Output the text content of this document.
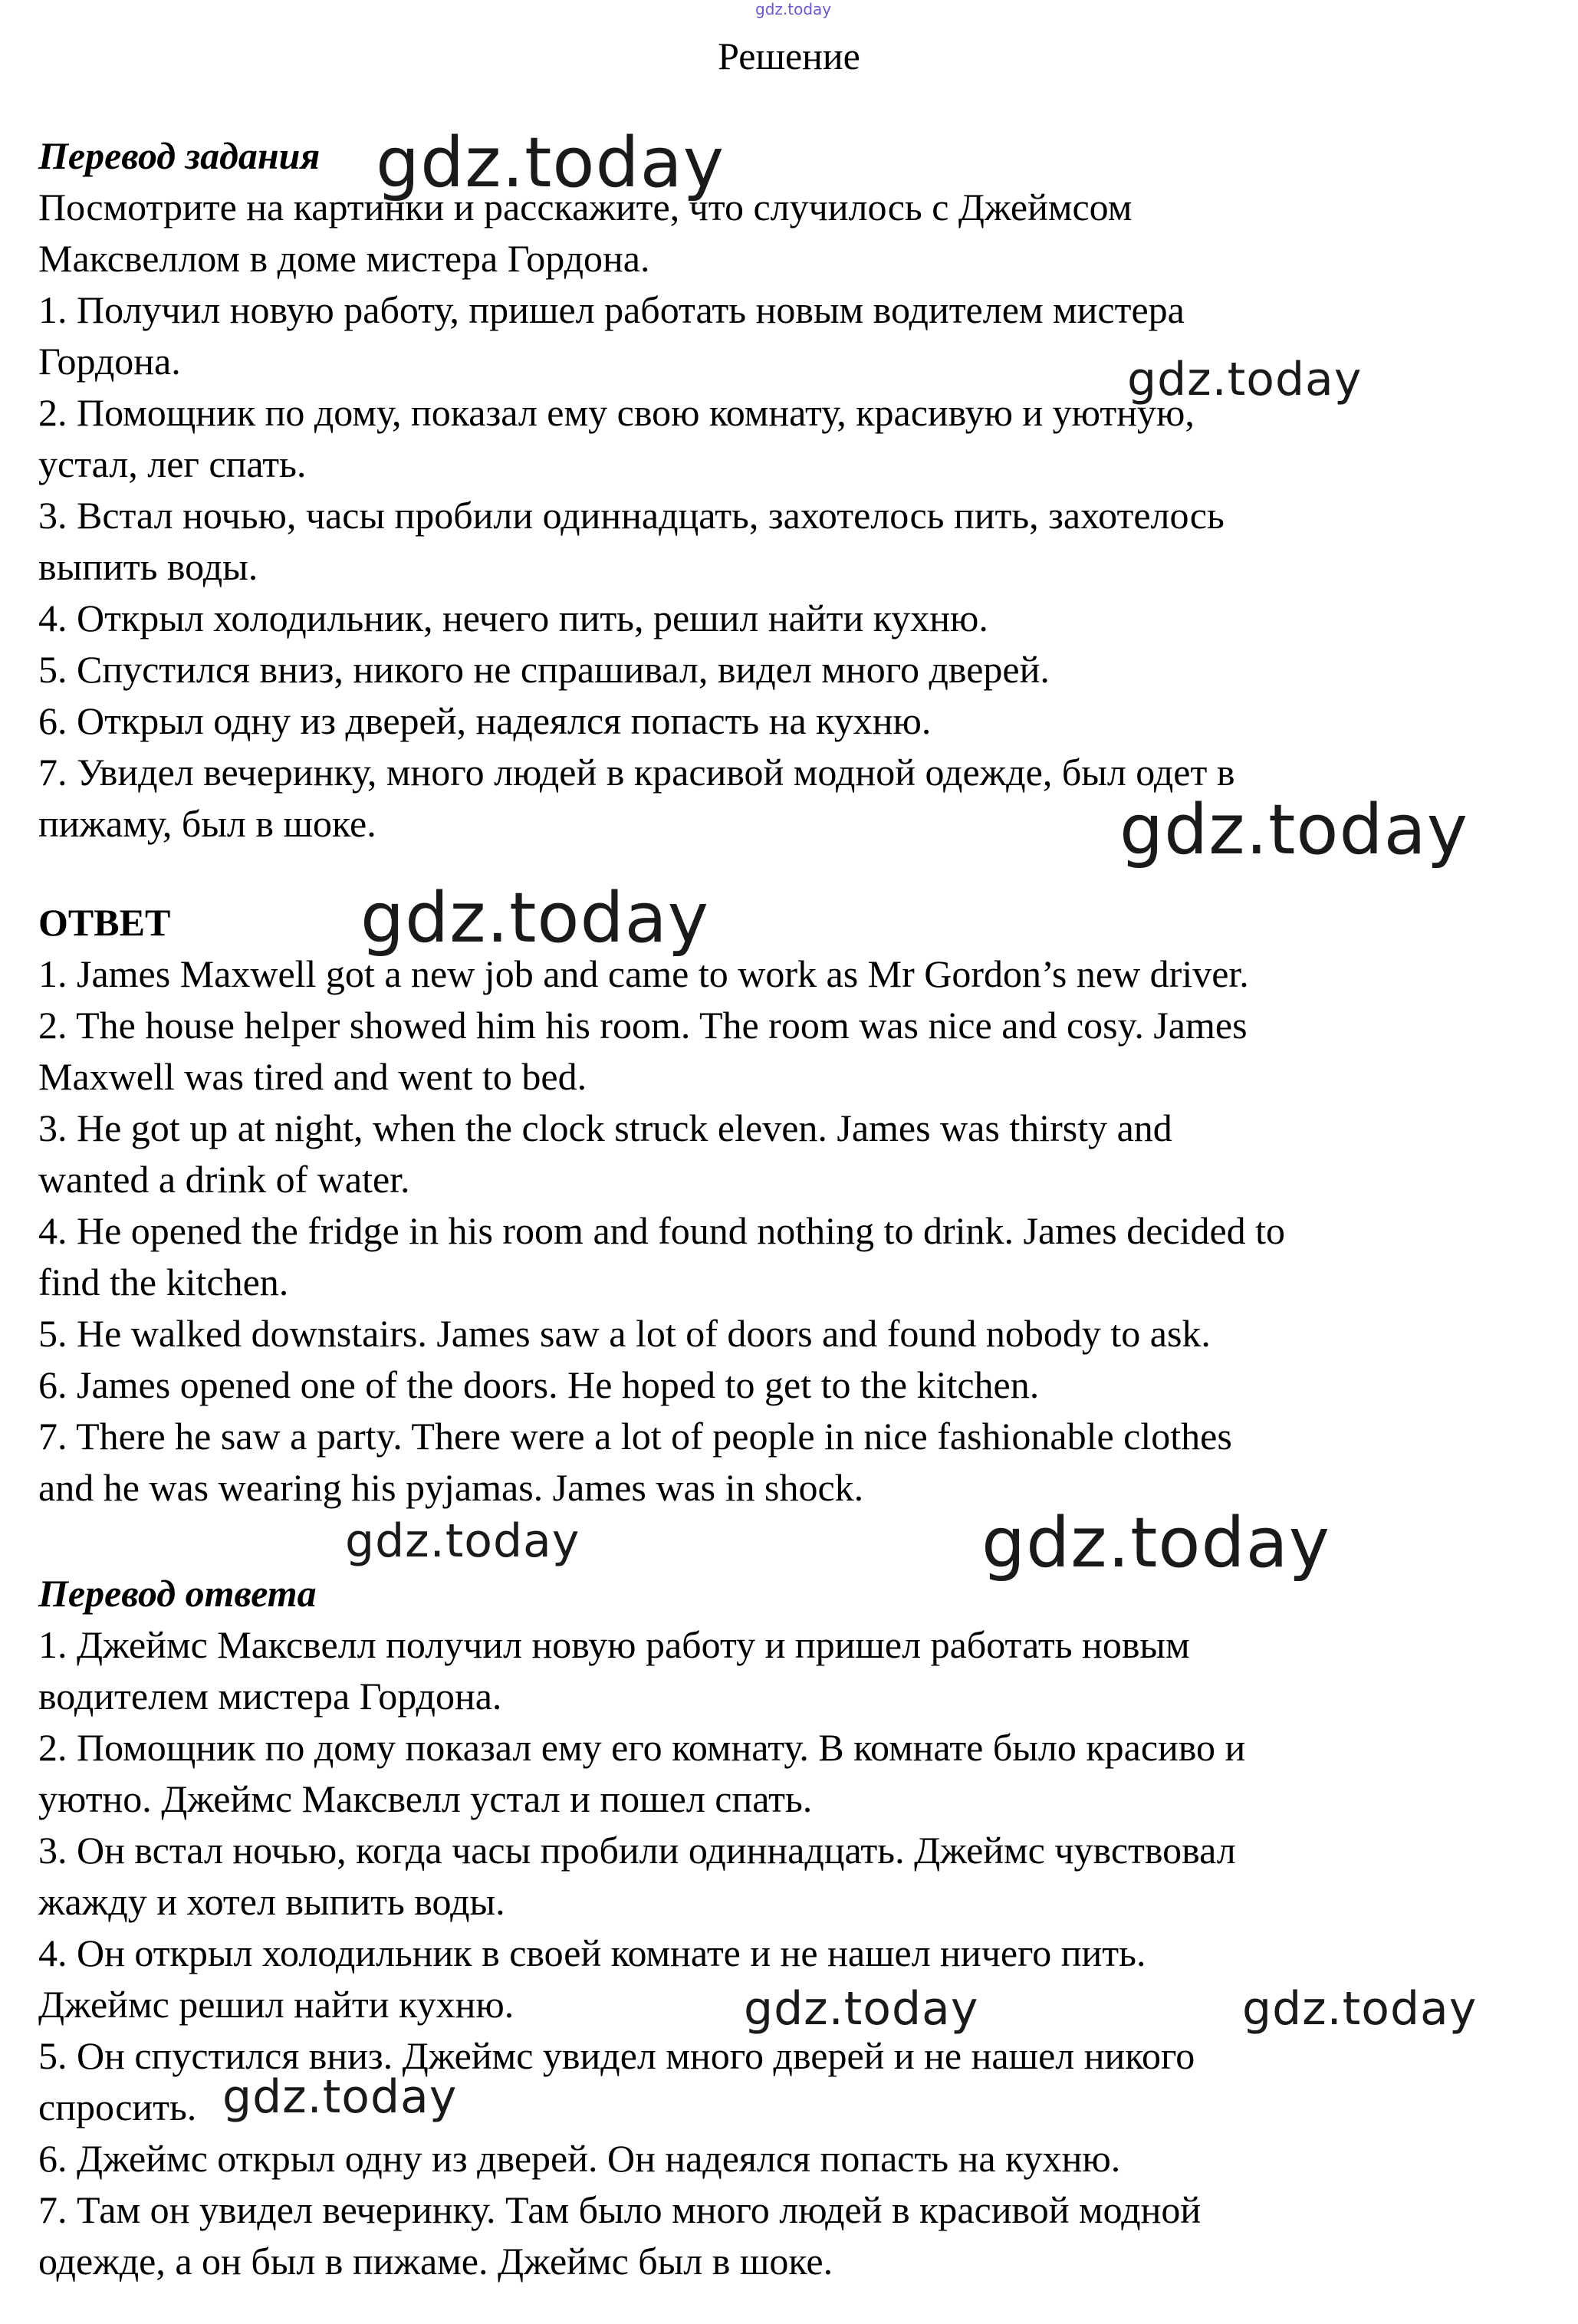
gdz.today
Решение
Перевод задания
Посмотрите на картинки и расскажите, что случилось с Джеймсом
Максвеллом в доме мистера Гордона.
1. Получил новую работу, пришел работать новым водителем мистера
Гордона.
2. Помощник по дому, показал ему свою комнату, красивую и уютную,
устал, лег спать.
3. Встал ночью, часы пробили одиннадцать, захотелось пить, захотелось
выпить воды.
4. Открыл холодильник, нечего пить, решил найти кухню.
5. Спустился вниз, никого не спрашивал, видел много дверей.
6. Открыл одну из дверей, надеялся попасть на кухню.
7. Увидел вечеринку, много людей в красивой модной одежде, был одет в
пижаму, был в шоке.
ОТВЕТ
1. James Maxwell got a new job and came to work as Mr Gordon’s new driver.
2. The house helper showed him his room. The room was nice and cosy. James
Maxwell was tired and went to bed.
3. He got up at night, when the clock struck eleven. James was thirsty and
wanted a drink of water.
4. He opened the fridge in his room and found nothing to drink. James decided to
find the kitchen.
5. He walked downstairs. James saw a lot of doors and found nobody to ask.
6. James opened one of the doors. He hoped to get to the kitchen.
7. There he saw a party. There were a lot of people in nice fashionable clothes
and he was wearing his pyjamas. James was in shock.
Перевод ответа
1. Джеймс Максвелл получил новую работу и пришел работать новым
водителем мистера Гордона.
2. Помощник по дому показал ему его комнату. В комнате было красиво и
уютно. Джеймс Максвелл устал и пошел спать.
3. Он встал ночью, когда часы пробили одиннадцать. Джеймс чувствовал
жажду и хотел выпить воды.
4. Он открыл холодильник в своей комнате и не нашел ничего пить.
Джеймс решил найти кухню.
5. Он спустился вниз. Джеймс увидел много дверей и не нашел никого
спросить.
6. Джеймс открыл одну из дверей. Он надеялся попасть на кухню.
7. Там он увидел вечеринку. Там было много людей в красивой модной
одежде, а он был в пижаме. Джеймс был в шоке.
gdz.today
gdz.today
gdz.today
gdz.today
gdz.today	gdz.today
gdz.today	gdz.today
gdz.today
